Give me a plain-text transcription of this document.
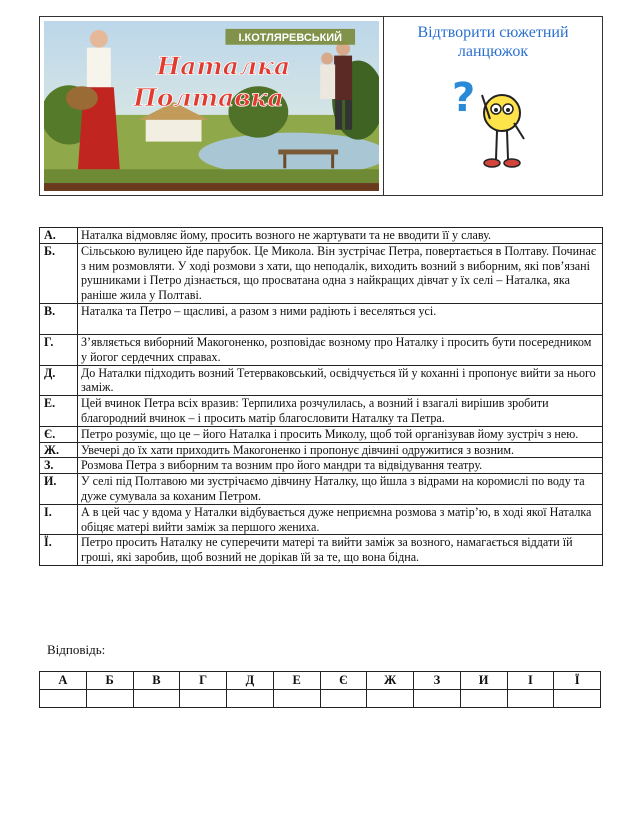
І.КОТЛЯРЕВСЬКИЙ
Наталка
Полтавка
Відтворити сюжетний ланцюжок
?
А.	Наталка відмовляє йому, просить возного не жартувати та не вводити її у славу.
Б.	Сільською вулицею йде парубок. Це Микола. Він зустрічає Петра, повертається в Полтаву. Починає з ним розмовляти. У ході розмови з хати, що неподалік, виходить возний з виборним, які пов’язані рушниками і Петро дізнається, що просватана одна з найкращих дівчат у їх селі – Наталка, яка раніше жила у Полтаві.
В.	Наталка та Петро – щасливі, а разом з ними радіють і веселяться усі.
Г.	З’являється виборний Макогоненко, розповідає возному про Наталку і просить бути посередником у йогог сердечних справах.
Д.	До Наталки підходить возний Тетерваковський, освідчується їй у коханні і пропонує вийти за нього заміж.
Е.	Цей вчинок Петра всіх вразив: Терпилиха розчулилась, а возний і взагалі вирішив зробити благородний вчинок – і просить матір благословити Наталку та Петра.
Є.	Петро розуміє, що це – його Наталка і просить Миколу, щоб той організував йому зустріч з нею.
Ж.	Увечері до їх хати приходить Макогоненко і пропонує дівчині одружитися з возним.
З.	Розмова Петра з виборним та возним про його мандри та відвідування театру.
И.	У селі під Полтавою ми зустрічаємо дівчину Наталку, що йшла з відрами на коромислі по воду та дуже сумувала за коханим Петром.
І.	А в цей час у вдома у Наталки відбувається дуже неприємна розмова з матір’ю, в ході якої Наталка обіцяє матері вийти заміж за першого жениха.
Ї.	Петро просить Наталку не суперечити матері та вийти заміж за возного, намагається віддати їй гроші, які заробив, щоб возний не дорікав їй за те, що вона бідна.
Відповідь:
А	Б	В	Г	Д	Е	Є	Ж	З	И	І	Ї
